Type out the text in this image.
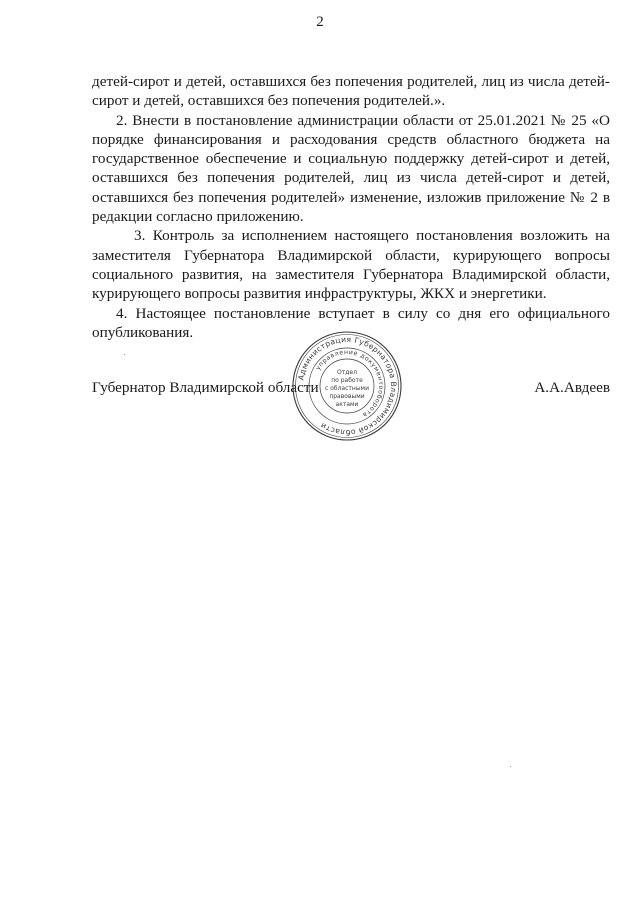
2

детей-сирот и детей, оставшихся без попечения родителей, лиц из числа детей-сирот и детей, оставшихся без попечения родителей.».

2. Внести в постановление администрации области от 25.01.2021 № 25 «О порядке финансирования и расходования средств областного бюджета на государственное обеспечение и социальную поддержку детей-сирот и детей, оставшихся без попечения родителей, лиц из числа детей-сирот и детей, оставшихся без попечения родителей» изменение, изложив приложение № 2 в редакции согласно приложению.

3. Контроль за исполнением настоящего постановления возложить на заместителя Губернатора Владимирской области, курирующего вопросы социального развития, на заместителя Губернатора Владимирской области, курирующего вопросы развития инфраструктуры, ЖКХ и энергетики.

4. Настоящее постановление вступает в силу со дня его официального опубликования.

Губернатор Владимирской области	А.А.Авдеев
Администрация Губернатора Владимирской области
управление документооборота
Отдел
по работе
с областными
правовыми
актами
